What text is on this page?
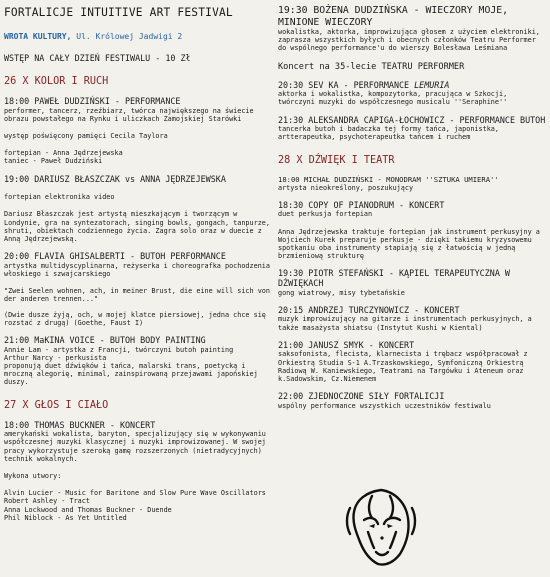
FORTALICJE INTUITIVE ART FESTIVAL
WROTA KULTURY, Ul. Królowej Jadwigi 2
WSTĘP NA CAŁY DZIEŃ FESTIWALU - 10 Zł
26 X KOLOR I RUCH
18:00 PAWEŁ DUDZIŃSKI - PERFORMANCE
performer, tancerz, rzeźbiarz, twórca największego na świecie obrazu powstałego na Rynku i uliczkach Zamojskiej Starówki
występ poświęcony pamięci Cecila Taylora
fortepian - Anna Jędrzejewska
taniec - Paweł Dudziński
19:00 DARIUSZ BŁASZCZAK vs ANNA JĘDRZEJEWSKA
fortepian elektronika video
Dariusz Błaszczak jest artystą mieszkającym i tworzącym w Londynie, gra na syntezatorach, singing bowls, gongach, tanpurze, shruti, obiektach codziennego życia. Zagra solo oraz w duecie z Anną Jędrzejewską.
20:00 FLAVIA GHISALBERTI - BUTOH PERFORMANCE
artystka multidyscyplinarna, reżyserka i choreografka pochodzenia włoskiego i szwajcarskiego
"Zwei Seelen wohnen, ach, in meiner Brust, die eine will sich von der anderen trennen..."
(Dwie dusze żyją, och, w mojej klatce piersiowej, jedna chce się rozstać z drugą) (Goethe, Faust I)
21:00 MaKINA VOICE - BUTOH BODY PAINTING
Annie Lam - artystka z Francji, twórczyni butoh painting
Arthur Narcy - perkusista
proponują duet dźwięków i tańca, malarski trans, poetycką i mroczną alegorię, minimal, zainspirowaną przejawami japońskiej duszy.
27 X GŁOS I CIAŁO
18:00 THOMAS BUCKNER - KONCERT
amerykański wokalista, baryton, specjalizujący się w wykonywaniu współczesnej muzyki klasycznej i muzyki improwizowanej. W swojej pracy wykorzystuje szeroką gamę rozszerzonych (nietradycyjnych) technik wokalnych.
Wykona utwory:
Alvin Lucier - Music for Baritone and Slow Pure Wave Oscillators
Robert Ashley - Tract
Anna Lockwood and Thomas Buckner - Duende
Phil Niblock - As Yet Untitled
19:30 BOŻENA DUDZIŃSKA - WIECZORY MOJE, MINIONE WIECZORY
wokalistka, aktorka, improwizująca głosem z użyciem elektroniki, zaprasza wszystkich byłych i obecnych członków Teatru Performer do wspólnego performance'u do wierszy Bolesława Leśmiana
Koncert na 35-lecie TEATRU PERFORMER
20:30 SEV KA - PERFORMANCE LEMURIA
aktorka i wokalistka, kompozytorka, pracująca w Szkocji, twórczyni muzyki do współczesnego musicalu ''Seraphine''
21:30 ALEKSANDRA CAPIGA-ŁOCHOWICZ - PERFORMANCE BUTOH
tancerka butoh i badaczka tej formy tańca, japonistka, artterapeutka, psychoterapeutka tańcem i ruchem
28 X DŹWIĘK I TEATR
18:00 MICHAŁ DUDZIŃSKI - MONODRAM ''SZTUKA UMIERA''
artysta nieokreślony, poszukujący
18:30 COPY OF PIANODRUM - KONCERT
duet perkusja fortepian
Anna Jędrzejewska traktuje fortepian jak instrument perkusyjny a Wojciech Kurek preparuje perkusje - dzięki takiemu kryzysowemu spotkaniu oba instrumenty stapiają się z łatwością w jedną brzmieniową strukturę
19:30 PIOTR STEFAŃSKI - KĄPIEL TERAPEUTYCZNA W DŹWIĘKACH
gong wiatrowy, misy tybetańskie
20:15 ANDRZEJ TURCZYNOWICZ - KONCERT
muzyk improwizujący na gitarze i instrumentach perkusyjnych, a także masażysta shiatsu (Instytut Kushi w Kiental)
21:00 JANUSZ SMYK - KONCERT
saksofonista, flecista, klarnecista i trębacz współpracował z Orkiestrą Studia S-1 A.Trzaskowskiego, Symfoniczną Orkiestrą Radiową W. Kaniewskiego, Teatrami na Targówku i Ateneum oraz k.Sadowskim, Cz.Niemenem
22:00 ZJEDNOCZONE SIŁY FORTALICJI
wspólny performance wszystkich uczestników festiwalu
